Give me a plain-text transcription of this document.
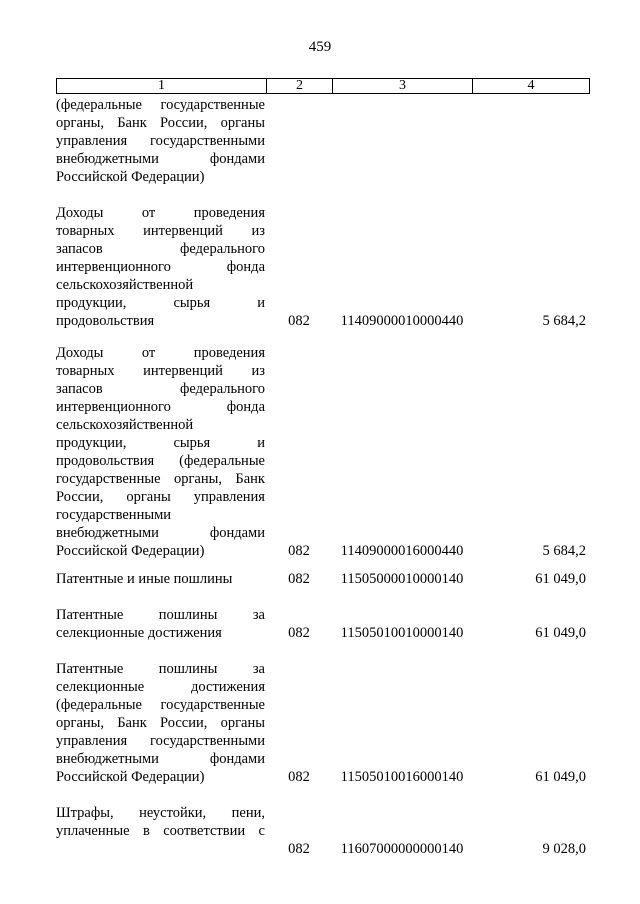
459
1	2	3	4
(федеральные государственные
органы, Банк России, органы
управления государственными
внебюджетными	фондами
Российской Федерации)
Доходы	от	проведения
товарных интервенций из
запасов	федерального
интервенционного	фонда
сельскохозяйственной
продукции,	сырья	и
продовольствия	082	11409000010000440	5 684,2
Доходы	от	проведения
товарных интервенций из
запасов	федерального
интервенционного	фонда
сельскохозяйственной
продукции,	сырья	и
продовольствия (федеральные
государственные органы, Банк
России, органы управления
государственными
внебюджетными	фондами
Российской Федерации)	082	11409000016000440	5 684,2
Патентные и иные пошлины	082	11505000010000140	61 049,0
Патентные пошлины за
селекционные достижения	082	11505010010000140	61 049,0
Патентные пошлины за
селекционные	достижения
(федеральные государственные
органы, Банк России, органы
управления государственными
внебюджетными	фондами
Российской Федерации)	082	11505010016000140	61 049,0
Штрафы, неустойки, пени,
уплаченные в соответствии с
082	11607000000000140	9 028,0
